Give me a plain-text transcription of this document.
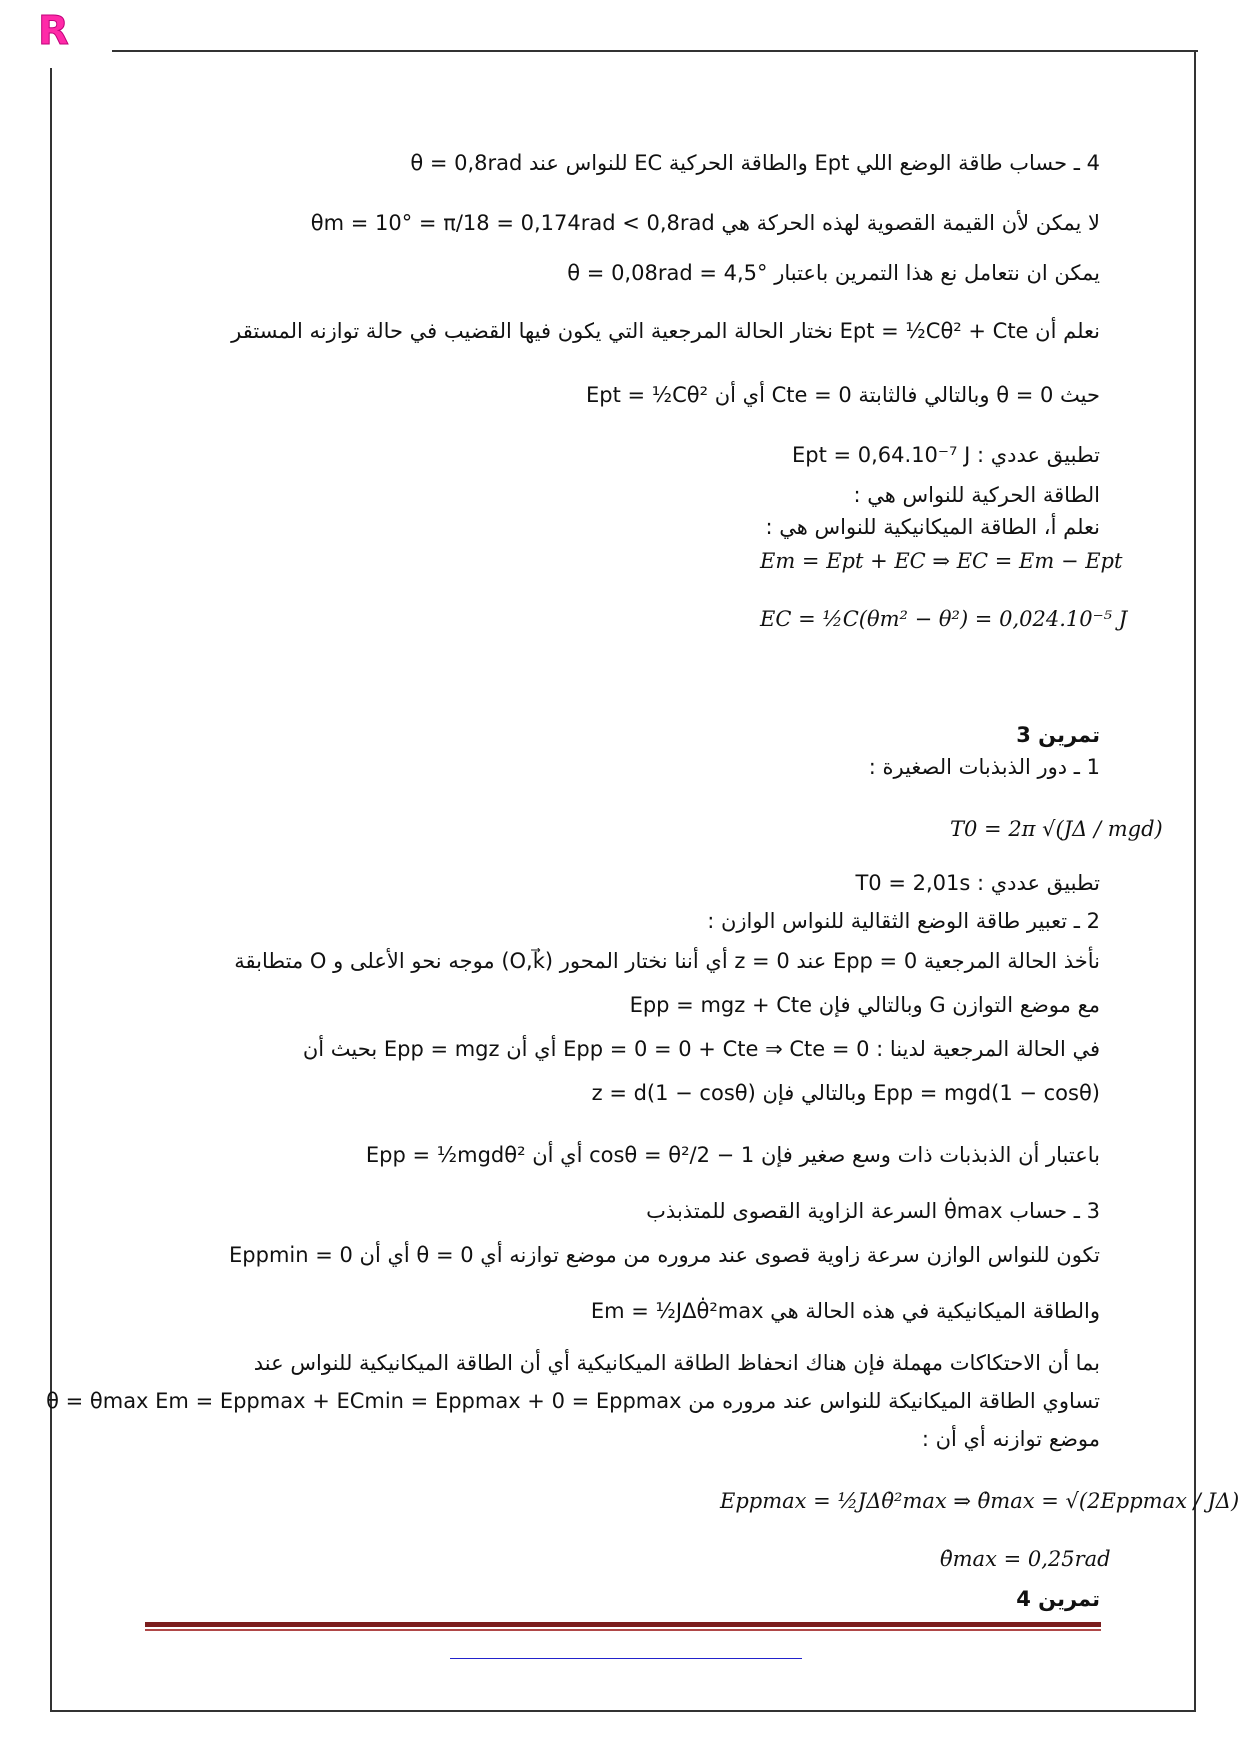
R
4 ـ حساب طاقة الوضع اللي Ept والطاقة الحركية EC للنواس عند θ = 0,8rad
لا يمكن لأن القيمة القصوية لهذه الحركة هي θm = 10° = π/18 = 0,174rad < 0,8rad
يمكن ان نتعامل نع هذا التمرين باعتبار θ = 0,08rad = 4,5°
نعلم أن Ept = ½Cθ² + Cte نختار الحالة المرجعية التي يكون فيها القضيب في حالة توازنه المستقر
حيث θ = 0 وبالتالي فالثابتة Cte = 0 أي أن Ept = ½Cθ²
تطبيق عددي : Ept = 0,64.10⁻⁷ J
الطاقة الحركية للنواس هي :
نعلم أ، الطاقة الميكانيكية للنواس هي :
Em = Ept + EC ⇒ EC = Em − Ept
EC = ½C(θm² − θ²) = 0,024.10⁻⁵ J
تمرين 3
1 ـ دور الذبذبات الصغيرة :
T0 = 2π √(JΔ / mgd)
تطبيق عددي : T0 = 2,01s
2 ـ تعبير طاقة الوضع الثقالية للنواس الوازن :
نأخذ الحالة المرجعية Epp = 0 عند z = 0 أي أننا نختار المحور (O,k⃗) موجه نحو الأعلى و O متطابقة
مع موضع التوازن G وبالتالي فإن Epp = mgz + Cte
في الحالة المرجعية لدينا : Epp = 0 = 0 + Cte ⇒ Cte = 0 أي أن Epp = mgz بحيث أن
z = d(1 − cosθ) وبالتالي فإن Epp = mgd(1 − cosθ)
باعتبار أن الذبذبات ذات وسع صغير فإن 1 − cosθ = θ²/2 أي أن Epp = ½mgdθ²
3 ـ حساب θ̇max السرعة الزاوية القصوى للمتذبذب
تكون للنواس الوازن سرعة زاوية قصوى عند مروره من موضع توازنه أي θ = 0 أي أن Eppmin = 0
والطاقة الميكانيكية في هذه الحالة هي Em = ½JΔθ̇²max
بما أن الاحتكاكات مهملة فإن هناك انحفاظ الطاقة الميكانيكية أي أن الطاقة الميكانيكية للنواس عند
θ = θmax Em = Eppmax + ECmin = Eppmax + 0 = Eppmax تساوي الطاقة الميكانيكة للنواس عند مروره من
موضع توازنه أي أن :
Eppmax = ½JΔθ̇²max ⇒ θ̇max = √(2Eppmax / JΔ)
θ̇max = 0,25rad
تمرين 4
